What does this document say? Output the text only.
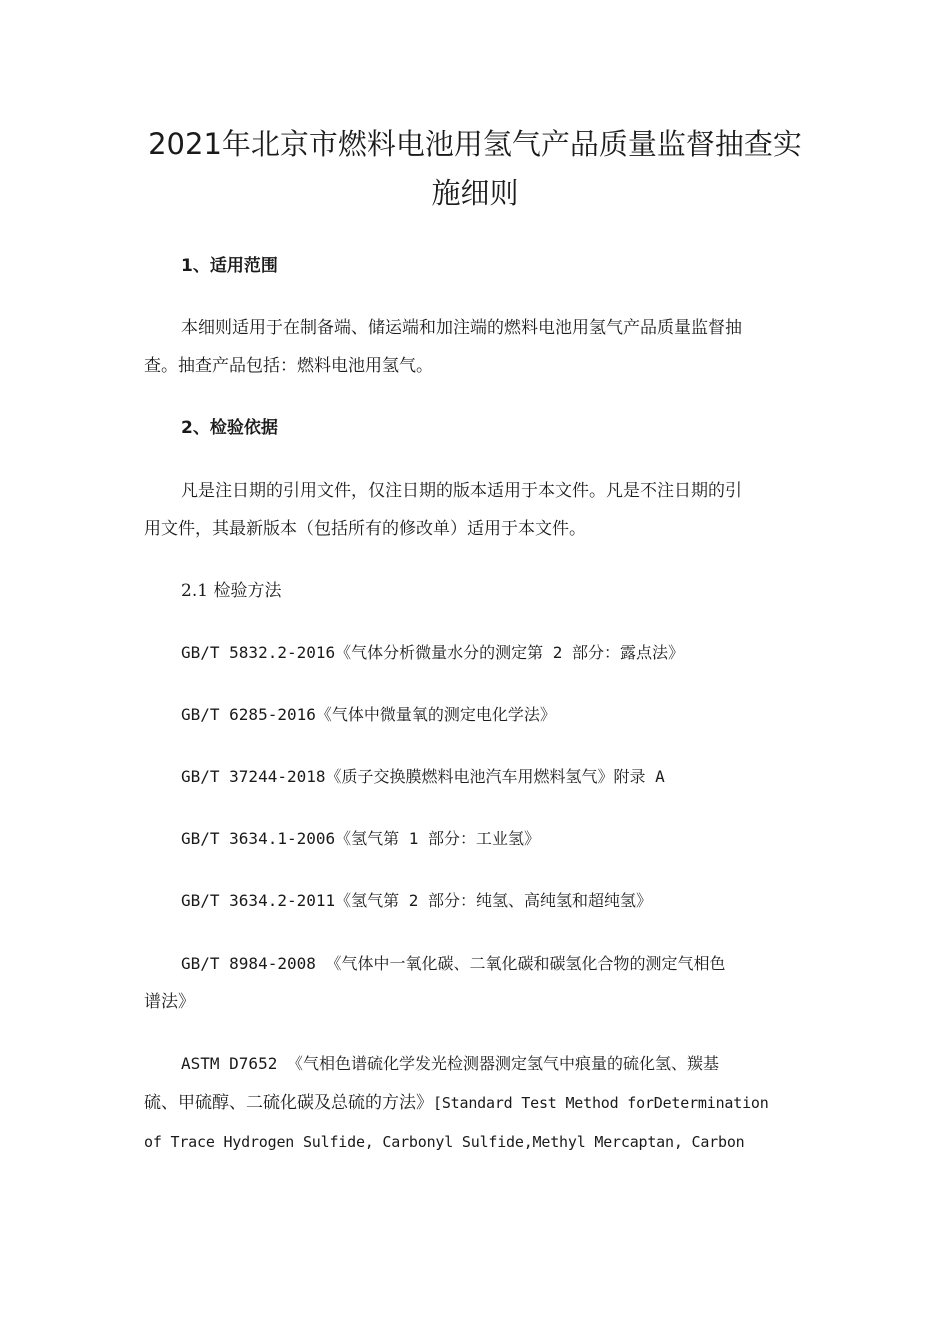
2021年北京市燃料电池用氢气产品质量监督抽查实
施细则

1、适用范围

本细则适用于在制备端、储运端和加注端的燃料电池用氢气产品质量监督抽

查。抽查产品包括：燃料电池用氢气。

2、检验依据

凡是注日期的引用文件，仅注日期的版本适用于本文件。凡是不注日期的引

用文件，其最新版本（包括所有的修改单）适用于本文件。

2.1 检验方法

GB/T 5832.2-2016《气体分析微量水分的测定第 2 部分：露点法》

GB/T 6285-2016《气体中微量氧的测定电化学法》

GB/T 37244-2018《质子交换膜燃料电池汽车用燃料氢气》附录 A

GB/T 3634.1-2006《氢气第 1 部分：工业氢》

GB/T 3634.2-2011《氢气第 2 部分：纯氢、高纯氢和超纯氢》

GB/T 8984-2008 《气体中一氧化碳、二氧化碳和碳氢化合物的测定气相色

谱法》

ASTM D7652 《气相色谱硫化学发光检测器测定氢气中痕量的硫化氢、羰基

硫、甲硫醇、二硫化碳及总硫的方法》[Standard Test Method forDetermination

of Trace Hydrogen Sulfide, Carbonyl Sulfide,Methyl Mercaptan, Carbon
